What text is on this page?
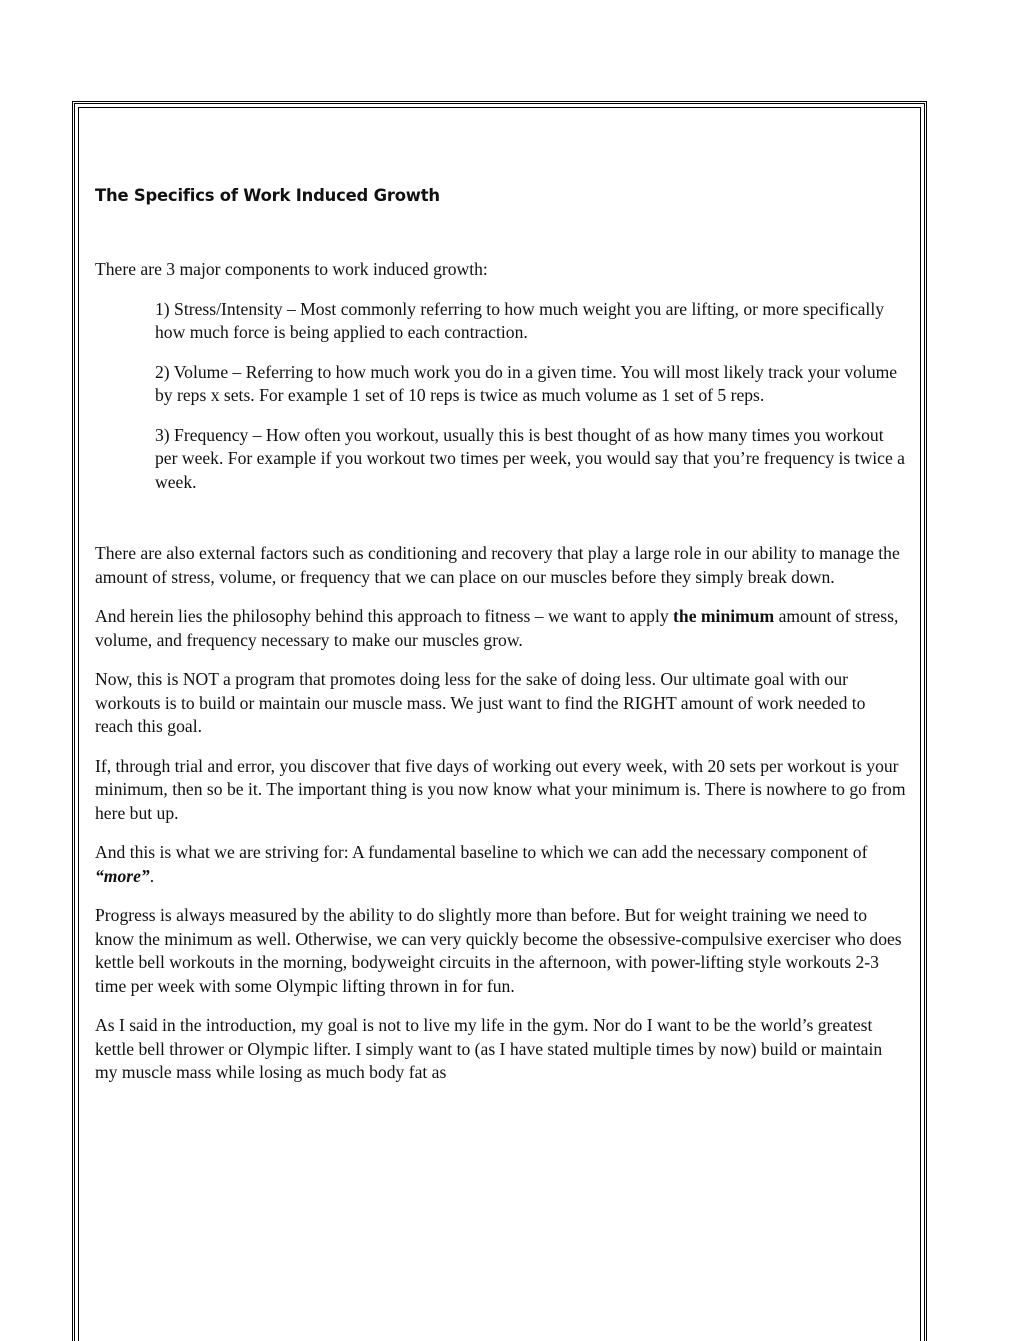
The Specifics of Work Induced Growth

There are 3 major components to work induced growth:

1) Stress/Intensity – Most commonly referring to how much weight you are lifting, or more specifically how much force is being applied to each contraction.
2) Volume – Referring to how much work you do in a given time. You will most likely track your volume by reps x sets. For example 1 set of 10 reps is twice as much volume as 1 set of 5 reps.
3) Frequency – How often you workout, usually this is best thought of as how many times you workout per week. For example if you workout two times per week, you would say that you’re frequency is twice a week.

There are also external factors such as conditioning and recovery that play a large role in our ability to manage the amount of stress, volume, or frequency that we can place on our muscles before they simply break down.

And herein lies the philosophy behind this approach to fitness – we want to apply the minimum amount of stress, volume, and frequency necessary to make our muscles grow.

Now, this is NOT a program that promotes doing less for the sake of doing less. Our ultimate goal with our workouts is to build or maintain our muscle mass. We just want to find the RIGHT amount of work needed to reach this goal.

If, through trial and error, you discover that five days of working out every week, with 20 sets per workout is your minimum, then so be it. The important thing is you now know what your minimum is. There is nowhere to go from here but up.

And this is what we are striving for: A fundamental baseline to which we can add the necessary component of “more”.

Progress is always measured by the ability to do slightly more than before. But for weight training we need to know the minimum as well. Otherwise, we can very quickly become the obsessive-compulsive exerciser who does kettle bell workouts in the morning, bodyweight circuits in the afternoon, with power-lifting style workouts 2-3 time per week with some Olympic lifting thrown in for fun.

As I said in the introduction, my goal is not to live my life in the gym. Nor do I want to be the world’s greatest kettle bell thrower or Olympic lifter. I simply want to (as I have stated multiple times by now) build or maintain my muscle mass while losing as much body fat as
